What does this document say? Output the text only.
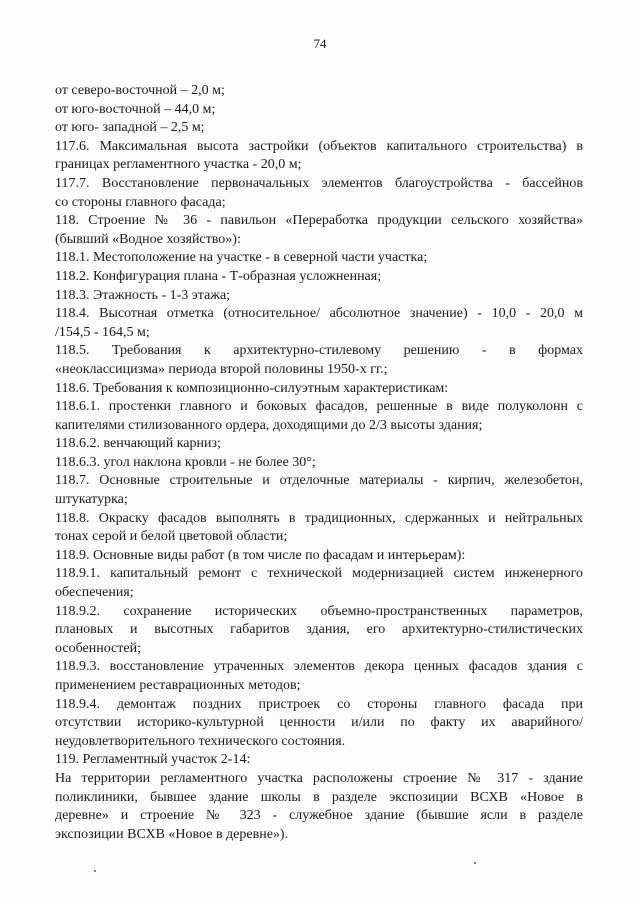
74
от северо-восточной – 2,0 м;
от юго-восточной – 44,0 м;
от юго- западной – 2,5 м;
117.6. Максимальная высота застройки (объектов капитального строительства) в
границах регламентного участка - 20,0 м;
117.7. Восстановление первоначальных элементов благоустройства - бассейнов
со стороны главного фасада;
118. Строение № 36 - павильон «Переработка продукции сельского хозяйства»
(бывший «Водное хозяйство»):
118.1. Местоположение на участке - в северной части участка;
118.2. Конфигурация плана - Т-образная усложненная;
118.3. Этажность - 1-3 этажа;
118.4. Высотная отметка (относительное/ абсолютное значение) - 10,0 - 20,0 м
/154,5 - 164,5 м;
118.5. Требования к архитектурно-стилевому решению - в формах
«неоклассицизма» периода второй половины 1950-х гг.;
118.6. Требования к композиционно-силуэтным характеристикам:
118.6.1. простенки главного и боковых фасадов, решенные в виде полуколонн с
капителями стилизованного ордера, доходящими до 2/3 высоты здания;
118.6.2. венчающий карниз;
118.6.3. угол наклона кровли - не более 30°;
118.7. Основные строительные и отделочные материалы - кирпич, железобетон,
штукатурка;
118.8. Окраску фасадов выполнять в традиционных, сдержанных и нейтральных
тонах серой и белой цветовой области;
118.9. Основные виды работ (в том числе по фасадам и интерьерам):
118.9.1. капитальный ремонт с технической модернизацией систем инженерного
обеспечения;
118.9.2. сохранение исторических объемно-пространственных параметров,
плановых и высотных габаритов здания, его архитектурно-стилистических
особенностей;
118.9.3. восстановление утраченных элементов декора ценных фасадов здания с
применением реставрационных методов;
118.9.4. демонтаж поздних пристроек со стороны главного фасада при
отсутствии историко-культурной ценности и/или по факту их аварийного/
неудовлетворительного технического состояния.
119. Регламентный участок 2-14:
На территории регламентного участка расположены строение № 317 - здание
поликлиники, бывшее здание школы в разделе экспозиции ВСХВ «Новое в
деревне» и строение № 323 - служебное здание (бывшие ясли в разделе
экспозиции ВСХВ «Новое в деревне»).
